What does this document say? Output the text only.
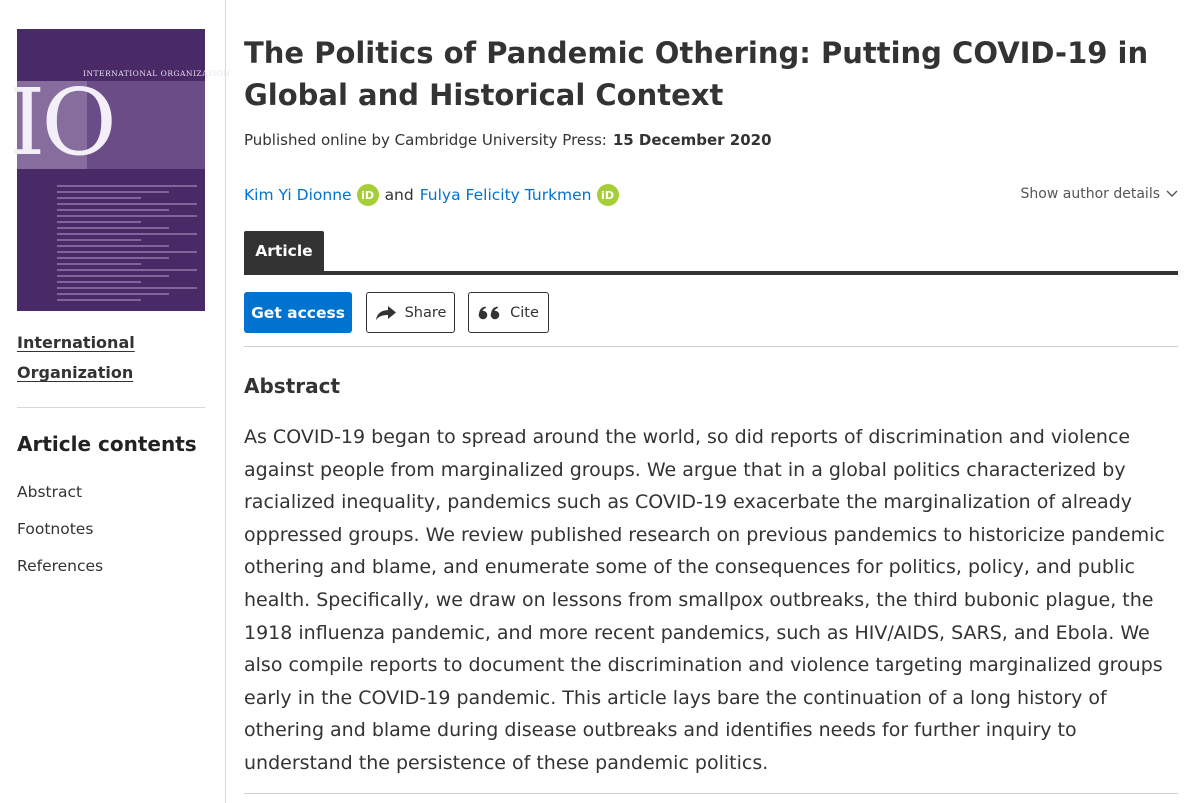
INTERNATIONAL ORGANIZATION
IO
International Organization
Article contents
Abstract
Footnotes
References
The Politics of Pandemic Othering: Putting COVID-19 in Global and Historical Context
Published online by Cambridge University Press: 15 December 2020
Kim Yi Dionne iD and Fulya Felicity Turkmen iD	Show author details
Article
Get access	Share	Cite
Abstract

As COVID-19 began to spread around the world, so did reports of discrimination and violence against people from marginalized groups. We argue that in a global politics characterized by racialized inequality, pandemics such as COVID-19 exacerbate the marginalization of already oppressed groups. We review published research on previous pandemics to historicize pandemic othering and blame, and enumerate some of the consequences for politics, policy, and public health. Specifically, we draw on lessons from smallpox outbreaks, the third bubonic plague, the 1918 influenza pandemic, and more recent pandemics, such as HIV/AIDS, SARS, and Ebola. We also compile reports to document the discrimination and violence targeting marginalized groups early in the COVID-19 pandemic. This article lays bare the continuation of a long history of othering and blame during disease outbreaks and identifies needs for further inquiry to understand the persistence of these pandemic politics.
